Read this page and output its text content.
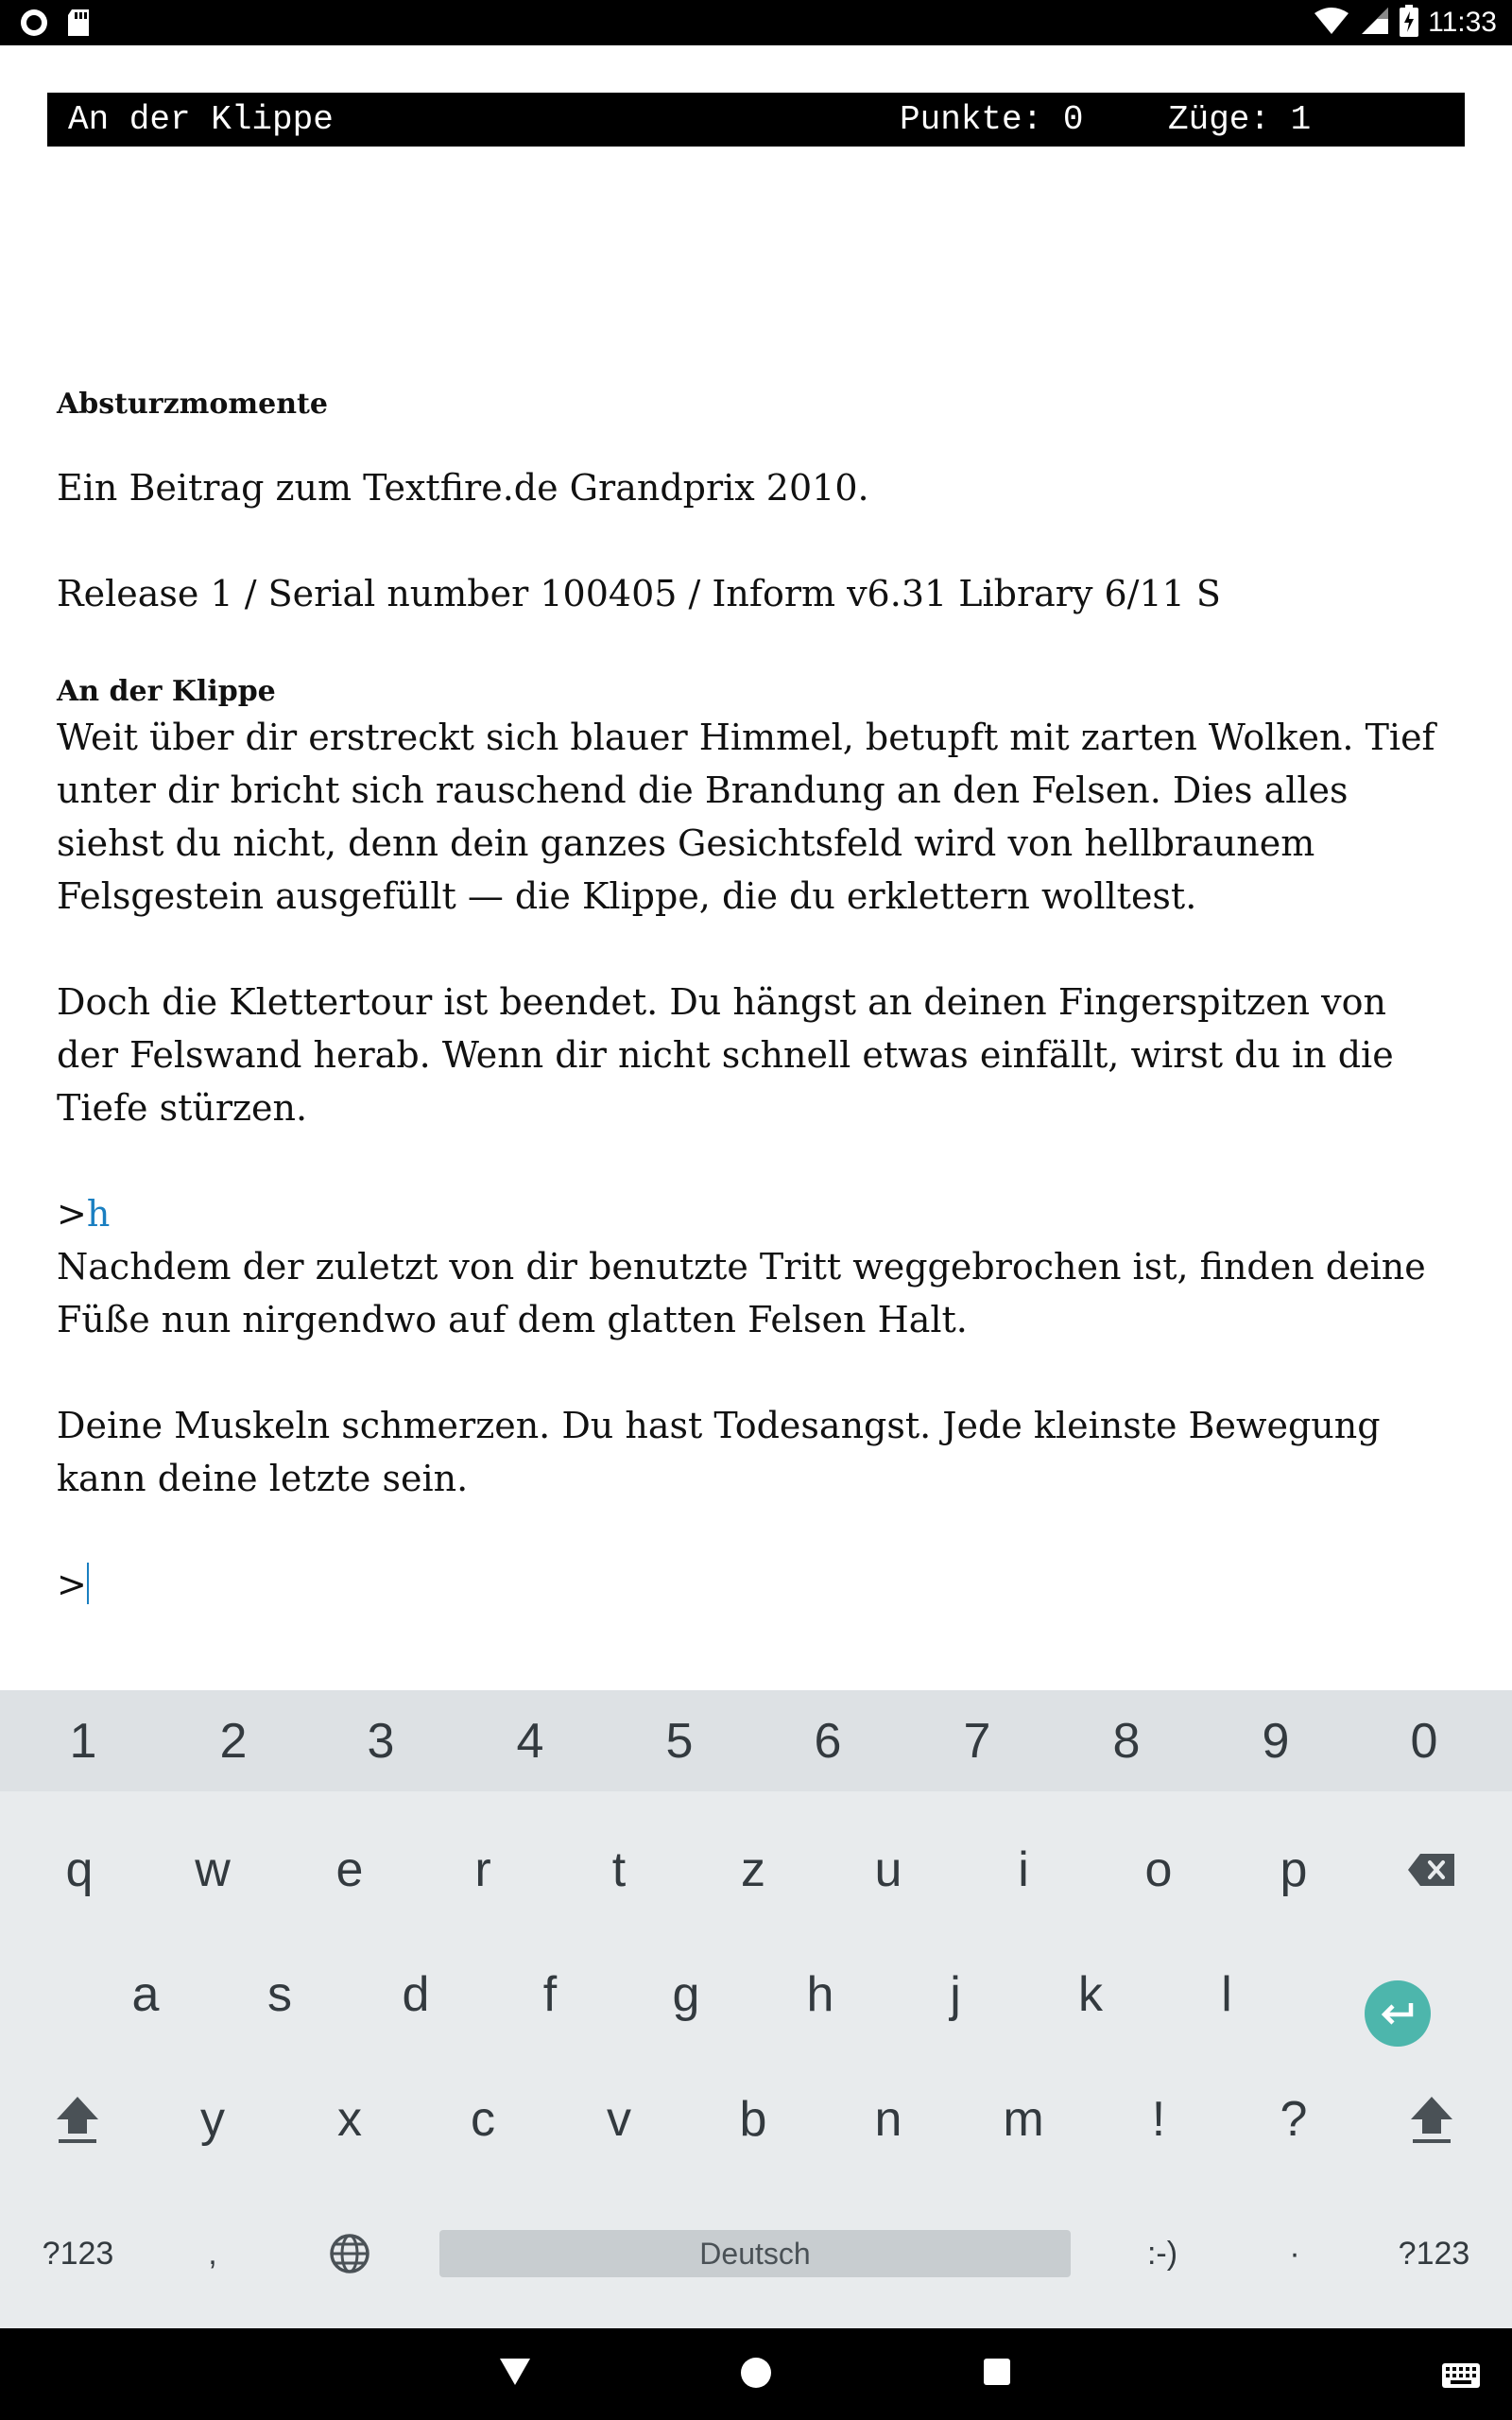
11:33
An der Klippe	Punkte: 0 Züge: 1

Absturzmomente

Ein Beitrag zum Textfire.de Grandprix 2010.

Release 1 / Serial number 100405 / Inform v6.31 Library 6/11 S

An der Klippe

Weit über dir erstreckt sich blauer Himmel, betupft mit zarten Wolken. Tief unter dir bricht sich rauschend die Brandung an den Felsen. Dies alles siehst du nicht, denn dein ganzes Gesichtsfeld wird von hellbraunem Felsgestein ausgefüllt — die Klippe, die du erklettern wolltest.

Doch die Klettertour ist beendet. Du hängst an deinen Fingerspitzen von der Felswand herab. Wenn dir nicht schnell etwas einfällt, wirst du in die Tiefe stürzen.

>h

Nachdem der zuletzt von dir benutzte Tritt weggebrochen ist, finden deine Füße nun nirgendwo auf dem glatten Felsen Halt.

Deine Muskeln schmerzen. Du hast Todesangst. Jede kleinste Bewegung kann deine letzte sein.

>

1	2	3	4	5	6	7	8	9	0
q	w	e	r	t	z	u	i	o	p
a	s	d	f	g	h	j	k	l
y	x	c	v	b	n	m	!	?
?123	,	Deutsch	:-)	·	?123
